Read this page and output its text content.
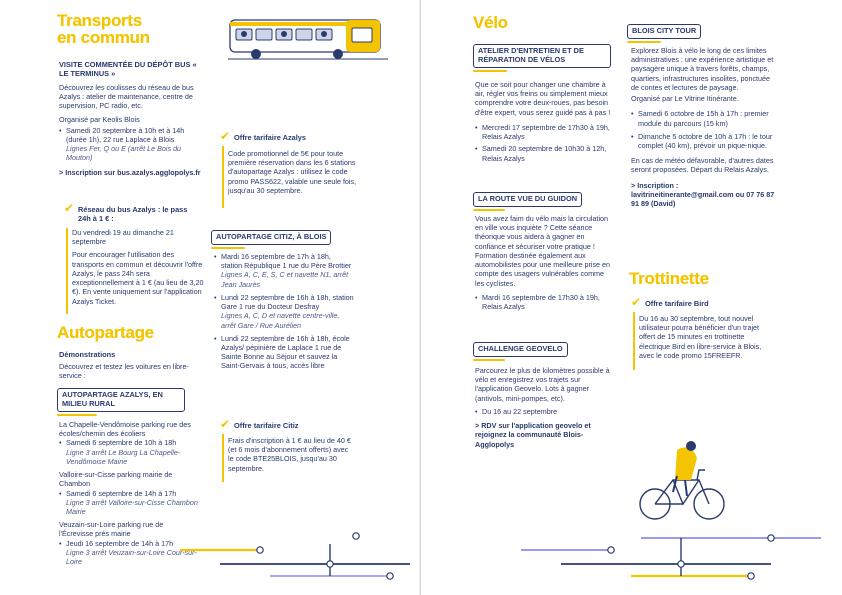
Transports
en commun
VISITE COMMENTÉE DU DÉPÔT BUS « LE TERMINUS »
Découvrez les coulisses du réseau de bus Azalys : atelier de maintenance, centre de supervision, PC radio, etc.
Organisé par Keolis Blois
• Samedi 20 septembre à 10h et à 14h (durée 1h), 22 rue Laplace à Blois
Lignes Fer, Q ou E (arrêt Le Bois du Mouton)
> Inscription sur bus.azalys.agglopolys.fr
✔ Réseau du bus Azalys : le pass 24h à 1 € :
Du vendredi 19 au dimanche 21 septembre
Pour encourager l'utilisation des transports en commun et découvrir l'offre Azalys, le pass 24h sera exceptionnellement à 1 € (au lieu de 3,20 €). En vente uniquement sur l'application Azalys Ticket.
✔ Offre tarifaire Azalys
Code promotionnel de 5€ pour toute première réservation dans les 6 stations d'autopartage Azalys : utilisez le code promo PASS622, valable une seule fois, jusqu'au 30 septembre.
Autopartage
Démonstrations
Découvrez et testez les voitures en libre-service :
AUTOPARTAGE AZALYS, EN MILIEU RURAL
La Chapelle-Vendômoise parking rue des écoles/chemin des écoliers
• Samedi 6 septembre de 10h à 18h
Ligne 3 arrêt Le Bourg La Chapelle-Vendômoise Mairie
Valloire-sur-Cisse parking mairie de Chambon
• Samedi 6 septembre de 14h à 17h
Ligne 3 arrêt Valloire-sur-Cisse Chambon Mairie
Veuzain-sur-Loire parking rue de l'Écrevisse près mairie
• Jeudi 16 septembre de 14h à 17h
Ligne 3 arrêt Veuzain-sur-Loire Cour-sur-Loire
AUTOPARTAGE CITIZ, À BLOIS
• Mardi 16 septembre de 17h à 18h, station République 1 rue du Père Brottier
Lignes A, C, E, S, C et navette N1, arrêt Jean Jaurès
• Lundi 22 septembre de 16h à 18h, station Gare 1 rue du Docteur Desfray
Lignes A, C, D et navette centre-ville, arrêt Gare / Rue Aurélien
• Lundi 22 septembre de 16h à 18h, école Azalys/ pépinière de Laplace 1 rue de Sainte Bonne au Séjour et sauvez la Saint-Gervais à tous, accès libre
✔ Offre tarifaire Citiz
Frais d'inscription à 1 € au lieu de 40 € (et 6 mois d'abonnement offerts) avec le code BTE25BLOIS, jusqu'au 30 septembre.
Vélo
ATELIER D'ENTRETIEN ET DE RÉPARATION DE VÉLOS
Que ce soit pour changer une chambre à air, régler vos freins ou simplement mieux comprendre votre deux-roues, pas besoin d'être expert, vous serez guidé pas à pas !
• Mercredi 17 septembre de 17h30 à 19h, Relais Azalys
• Samedi 20 septembre de 10h30 à 12h, Relais Azalys
LA ROUTE VUE DU GUIDON
Vous avez faim du vélo mais la circulation en ville vous inquiète ? Cette séance théorique vous aidera à gagner en confiance et sécuriser votre pratique ! Formation destinée également aux automobilistes pour une meilleure prise en compte des usagers vulnérables comme les cyclistes.
• Mardi 16 septembre de 17h30 à 19h, Relais Azalys
CHALLENGE GEOVELO
Parcourez le plus de kilomètres possible à vélo et enregistrez vos trajets sur l'application Geovelo. Lots à gagner (antivols, mini-pompes, etc).
• Du 16 au 22 septembre
> RDV sur l'application geovelo et rejoignez la communauté Blois-Agglopolys
BLOIS CITY TOUR
Explorez Blois à vélo le long de ces limites administratives : une expérience artistique et paysagère unique à travers forêts, champs, quartiers, infrastructures insolites, ponctuée de contes et lectures de paysage.
Organisé par Le Vitrine Itinérante.
• Samedi 6 octobre de 15h à 17h : premier module du parcours (15 km)
• Dimanche 5 octobre de 10h à 17h : le tour complet (40 km), prévoir un pique-nique.
En cas de météo défavorable, d'autres dates seront proposées. Départ du Relais Azalys.
> Inscription : lavitrineitinerante@gmail.com ou 07 76 87 91 89 (David)
Trottinette
✔ Offre tarifaire Bird
Du 16 au 30 septembre, tout nouvel utilisateur pourra bénéficier d'un trajet offert de 15 minutes en trottinette électrique Bird en libre-service à Blois, avec le code promo 15FREEFR.
